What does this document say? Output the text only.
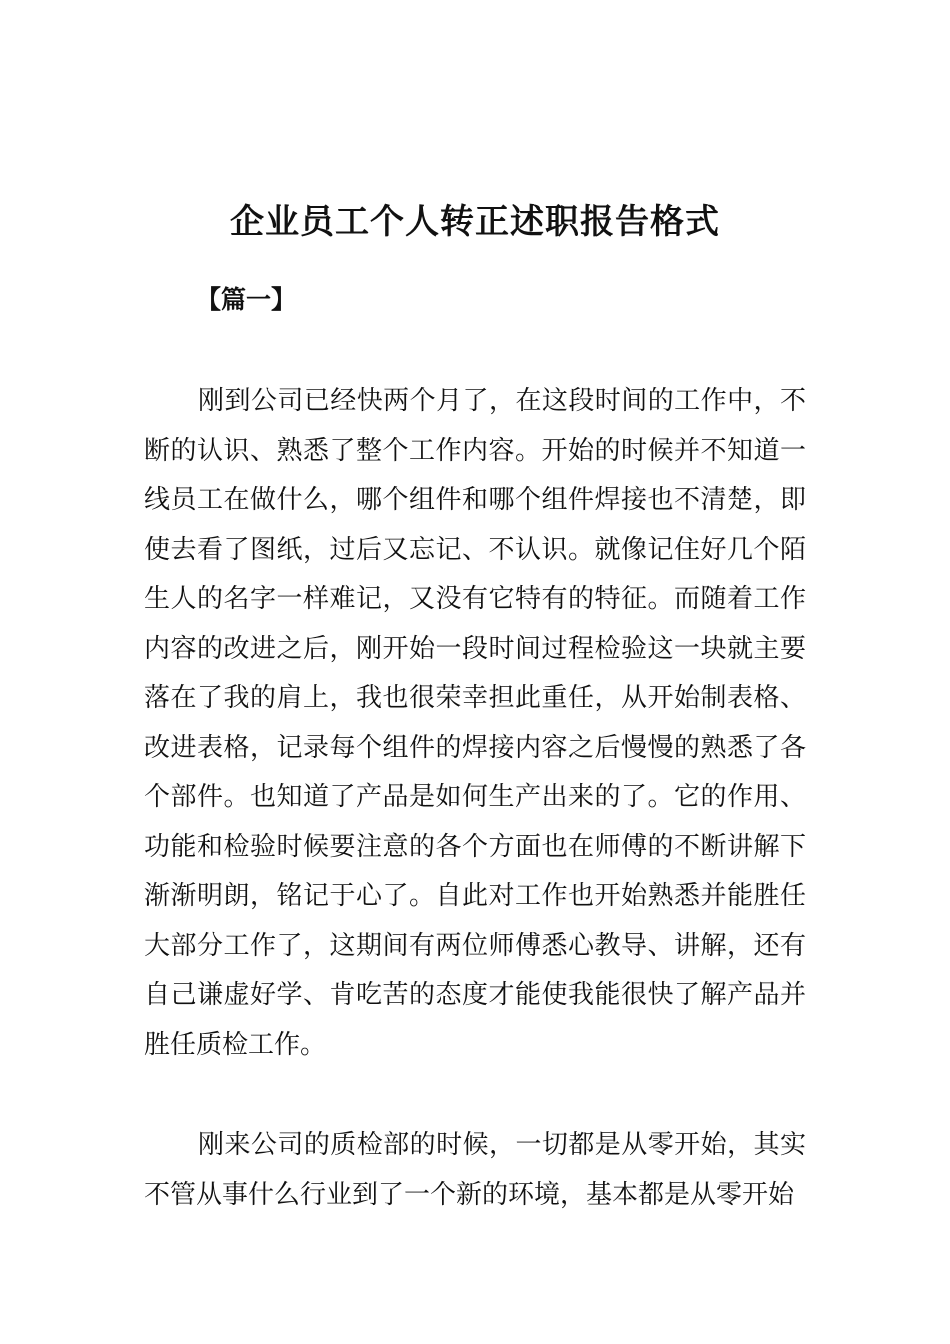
企业员工个人转正述职报告格式
【篇一】

刚到公司已经快两个月了，在这段时间的工作中，不断的认识、熟悉了整个工作内容。开始的时候并不知道一线员工在做什么，哪个组件和哪个组件焊接也不清楚，即使去看了图纸，过后又忘记、不认识。就像记住好几个陌生人的名字一样难记，又没有它特有的特征。而随着工作内容的改进之后，刚开始一段时间过程检验这一块就主要落在了我的肩上，我也很荣幸担此重任，从开始制表格、改进表格，记录每个组件的焊接内容之后慢慢的熟悉了各个部件。也知道了产品是如何生产出来的了。它的作用、功能和检验时候要注意的各个方面也在师傅的不断讲解下渐渐明朗，铭记于心了。自此对工作也开始熟悉并能胜任大部分工作了，这期间有两位师傅悉心教导、讲解，还有自己谦虚好学、肯吃苦的态度才能使我能很快了解产品并胜任质检工作。

刚来公司的质检部的时候，一切都是从零开始，其实不管从事什么行业到了一个新的环境，基本都是从零开始
